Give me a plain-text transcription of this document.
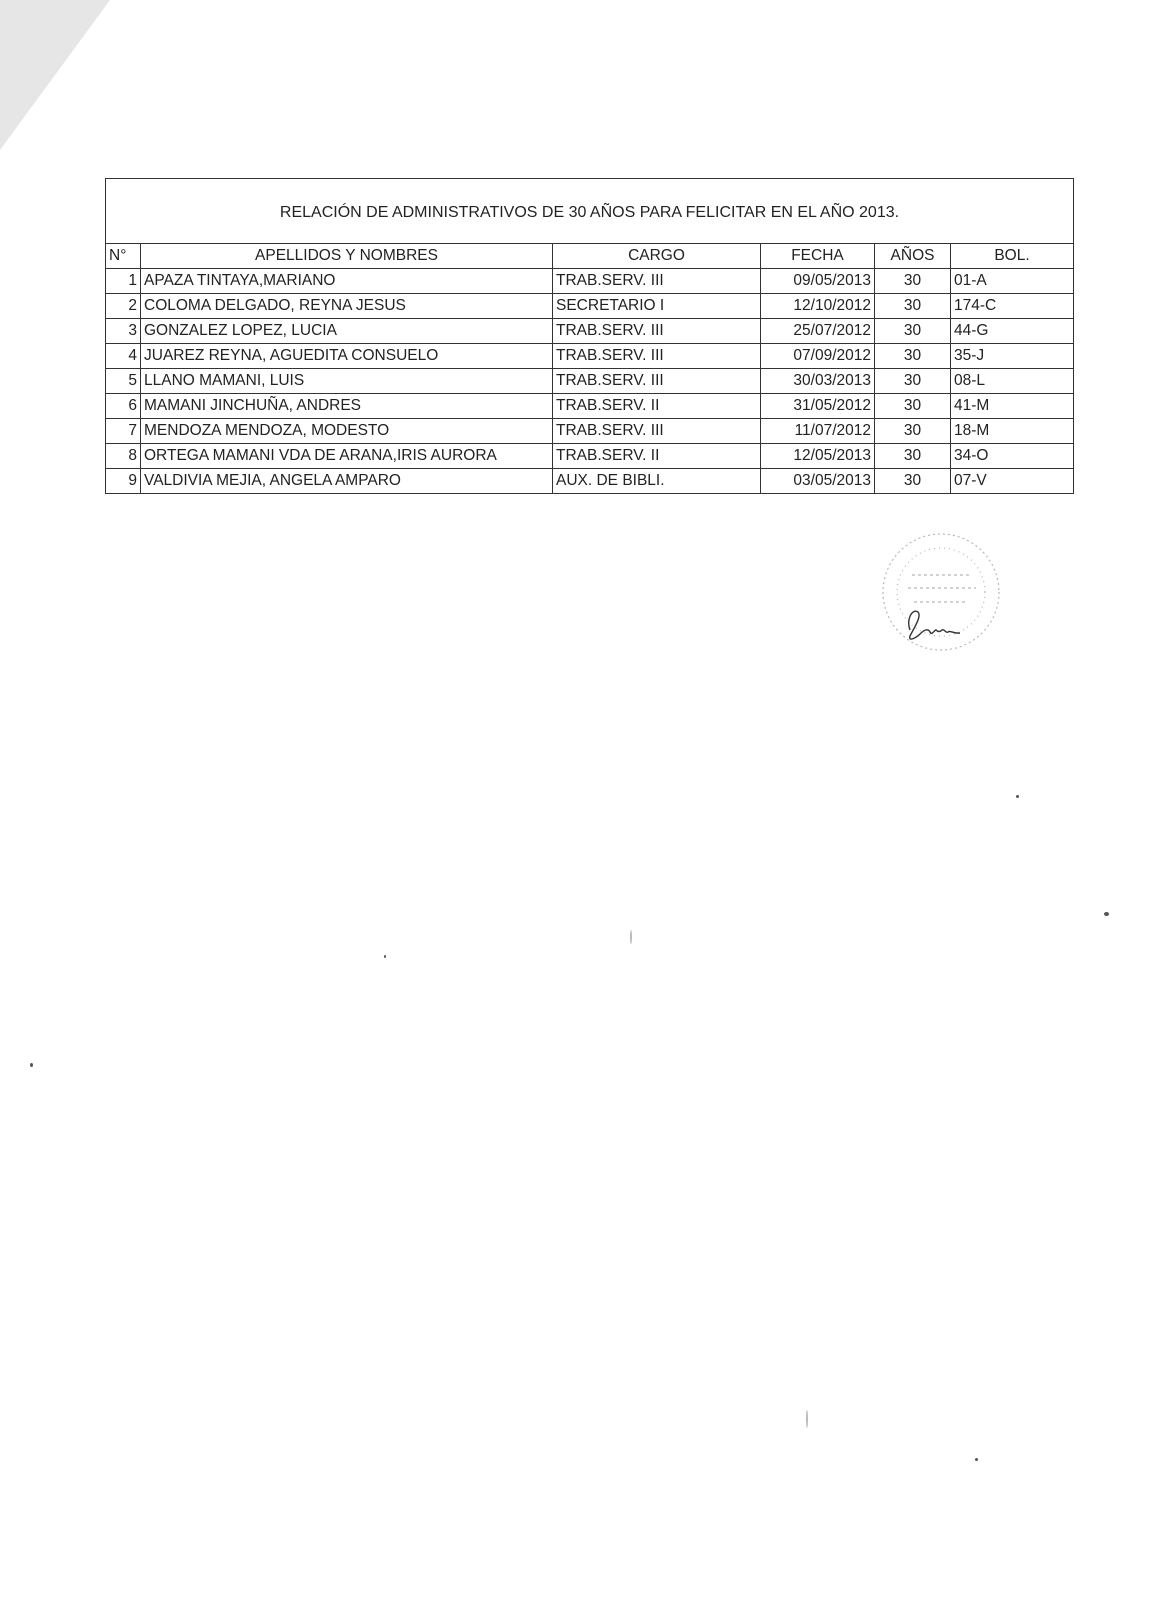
RELACIÓN DE ADMINISTRATIVOS DE 30 AÑOS PARA FELICITAR EN EL AÑO 2013.					
N°	APELLIDOS Y NOMBRES	CARGO	FECHA	AÑOS	BOL.
1	APAZA TINTAYA,MARIANO	TRAB.SERV. III	09/05/2013	30	01-A
2	COLOMA DELGADO, REYNA JESUS	SECRETARIO I	12/10/2012	30	174-C
3	GONZALEZ LOPEZ, LUCIA	TRAB.SERV. III	25/07/2012	30	44-G
4	JUAREZ REYNA, AGUEDITA CONSUELO	TRAB.SERV. III	07/09/2012	30	35-J
5	LLANO MAMANI, LUIS	TRAB.SERV. III	30/03/2013	30	08-L
6	MAMANI JINCHUÑA, ANDRES	TRAB.SERV. II	31/05/2012	30	41-M
7	MENDOZA MENDOZA, MODESTO	TRAB.SERV. III	11/07/2012	30	18-M
8	ORTEGA MAMANI VDA DE ARANA,IRIS AURORA	TRAB.SERV. II	12/05/2013	30	34-O
9	VALDIVIA MEJIA, ANGELA AMPARO	AUX. DE BIBLI.	03/05/2013	30	07-V
